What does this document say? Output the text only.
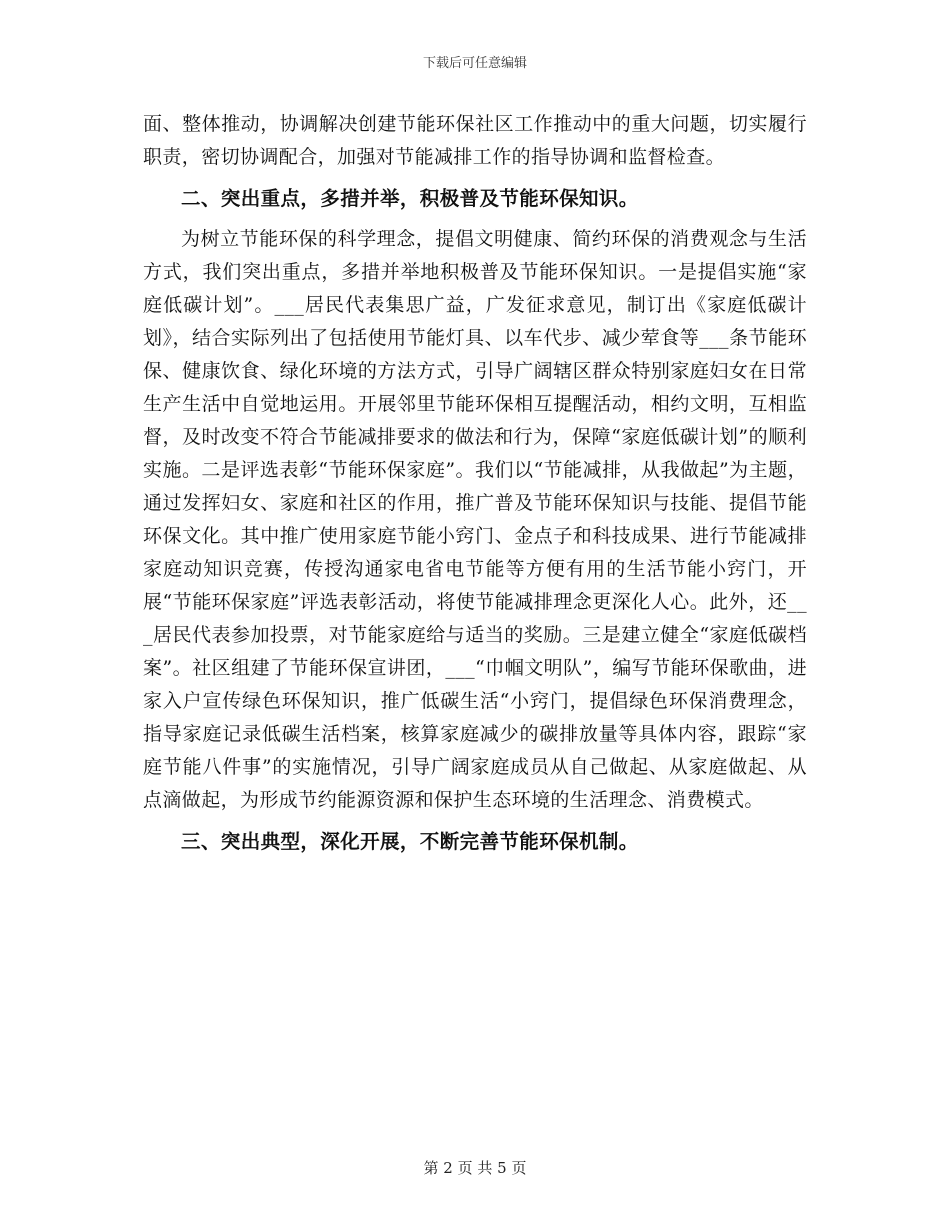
下载后可任意编辑

面、整体推动，协调解决创建节能环保社区工作推动中的重大问题，切实履行职责，密切协调配合，加强对节能减排工作的指导协调和监督检查。

二、突出重点，多措并举，积极普及节能环保知识。

为树立节能环保的科学理念，提倡文明健康、简约环保的消费观念与生活方式，我们突出重点，多措并举地积极普及节能环保知识。一是提倡实施“家庭低碳计划”。___居民代表集思广益，广发征求意见，制订出《家庭低碳计划》，结合实际列出了包括使用节能灯具、以车代步、减少荤食等___条节能环保、健康饮食、绿化环境的方法方式，引导广阔辖区群众特别家庭妇女在日常生产生活中自觉地运用。开展邻里节能环保相互提醒活动，相约文明，互相监督，及时改变不符合节能减排要求的做法和行为，保障“家庭低碳计划”的顺利实施。二是评选表彰“节能环保家庭”。我们以“节能减排，从我做起”为主题，通过发挥妇女、家庭和社区的作用，推广普及节能环保知识与技能、提倡节能环保文化。其中推广使用家庭节能小窍门、金点子和科技成果、进行节能减排家庭动知识竞赛，传授沟通家电省电节能等方便有用的生活节能小窍门，开展“节能环保家庭”评选表彰活动，将使节能减排理念更深化人心。此外，还___居民代表参加投票，对节能家庭给与适当的奖励。三是建立健全“家庭低碳档案”。社区组建了节能环保宣讲团，___“巾帼文明队”，编写节能环保歌曲，进家入户宣传绿色环保知识，推广低碳生活“小窍门，提倡绿色环保消费理念，指导家庭记录低碳生活档案，核算家庭减少的碳排放量等具体内容，跟踪“家庭节能八件事”的实施情况，引导广阔家庭成员从自己做起、从家庭做起、从点滴做起，为形成节约能源资源和保护生态环境的生活理念、消费模式。

三、突出典型，深化开展，不断完善节能环保机制。

第 2 页 共 5 页
